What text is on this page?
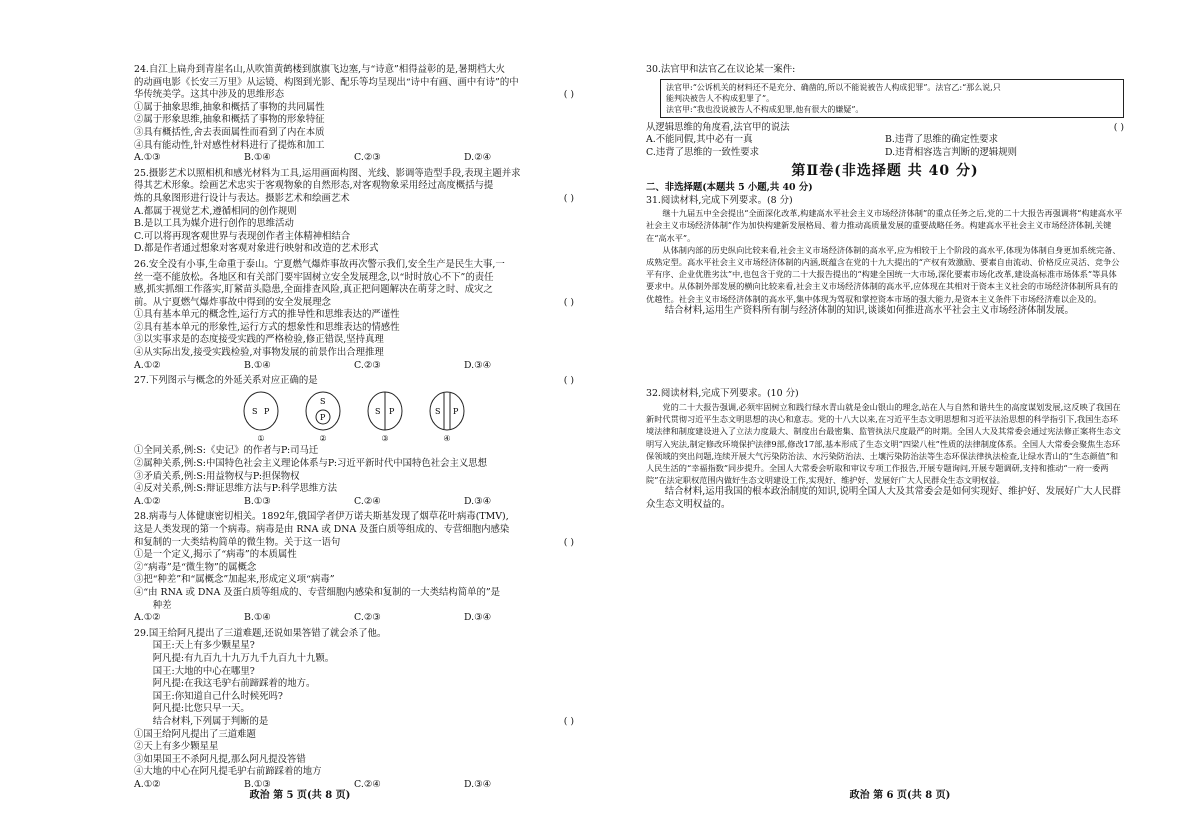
24.自江上扁舟到青崖名山,从吹笛黄鹤楼到旗旗飞边塞,与“诗意”相得益彰的是,暑期档大火
的动画电影《长安三万里》从运镜、构图到光影、配乐等均呈现出“诗中有画、画中有诗”的中
华传统美学。这其中涉及的思维形态	( )
①属于抽象思维,抽象和概括了事物的共同属性
②属于形象思维,抽象和概括了事物的形象特征
③具有概括性,舍去表面属性而看到了内在本质
④具有能动性,针对感性材料进行了提炼和加工
A.①③	B.①④	C.②③	D.②④
25.摄影艺术以照相机和感光材料为工具,运用画面构图、光线、影调等造型手段,表现主题并求
得其艺术形象。绘画艺术忠实于客观物象的自然形态,对客观物象采用经过高度概括与提
炼的具象图形进行设计与表达。摄影艺术和绘画艺术	( )
A.都属于视觉艺术,遵循相同的创作规则
B.是以工具为媒介进行创作的思维活动
C.可以将再现客观世界与表现创作者主体精神相结合
D.都是作者通过想象对客观对象进行映射和改造的艺术形式
26.安全没有小事,生命重于泰山。宁夏燃气爆炸事故再次警示我们,安全生产是民生大事,一
丝一毫不能放松。各地区和有关部门要牢固树立安全发展理念,以“时时放心不下”的责任
感,抓实抓细工作落实,盯紧苗头隐患,全面排查风险,真正把问题解决在萌芽之时、成灾之
前。从宁夏燃气爆炸事故中得到的安全发展理念	( )
①具有基本单元的概念性,运行方式的推导性和思维表达的严谨性
②具有基本单元的形象性,运行方式的想象性和思维表达的情感性
③以实事求是的态度接受实践的严格检验,修正错误,坚持真理
④从实际出发,接受实践检验,对事物发展的前景作出合理推理
A.①②	B.①④	C.②③	D.③④
27.下列图示与概念的外延关系对应正确的是	( )
S P
S
P
S P	S P
①	②	③	④
①全同关系,例:S:《史记》的作者与P:司马迁
②属种关系,例:S:中国特色社会主义理论体系与P:习近平新时代中国特色社会主义思想
③矛盾关系,例:S:用益物权与P:担保物权
④反对关系,例:S:辩证思维方法与P:科学思维方法
A.①②	B.①③	C.②④	D.③④
28.病毒与人体健康密切相关。1892年,俄国学者伊万诺夫斯基发现了烟草花叶病毒(TMV),
这是人类发现的第一个病毒。病毒是由 RNA 或 DNA 及蛋白质等组成的、专营细胞内感染
和复制的一大类结构简单的微生物。关于这一语句	( )
①是一个定义,揭示了“病毒”的本质属性
②“病毒”是“微生物”的属概念
③把“种差”和“属概念”加起来,形成定义项“病毒”
④“由 RNA 或 DNA 及蛋白质等组成的、专营细胞内感染和复制的一大类结构简单的”是
种差
A.①②	B.①④	C.②③	D.③④
29.国王给阿凡提出了三道难题,还说如果答错了就会杀了他。
国王:天上有多少颗星星?
阿凡提:有九百九十九万九千九百九十九颗。
国王:大地的中心在哪里?
阿凡提:在我这毛驴右前蹄踩着的地方。
国王:你知道自己什么时候死吗?
阿凡提:比您只早一天。
结合材料,下列属于判断的是	( )
①国王给阿凡提出了三道难题
②天上有多少颗星星
③如果国王不杀阿凡提,那么阿凡提没答错
④大地的中心在阿凡提毛驴右前蹄踩着的地方
A.①②	B.①③	C.②④	D.③④
政治 第 5 页(共 8 页)
30.法官甲和法官乙在议论某一案件:
法官甲:“公诉机关的材料还不是充分、确凿的,所以不能说被告人构成犯罪”。法官乙:“那么说,只
能判决被告人不构成犯罪了”。
法官甲:“我也没说被告人不构成犯罪,他有很大的嫌疑”。
从逻辑思维的角度看,法官甲的说法	( )
A.不能同假,其中必有一真	B.违背了思维的确定性要求
C.违背了思维的一致性要求	D.违背相容选言判断的逻辑规则
第Ⅱ卷(非选择题 共 40 分)
二、非选择题(本题共 5 小题,共 40 分)
31.阅读材料,完成下列要求。(8 分)
继十九届五中全会提出“全面深化改革,构建高水平社会主义市场经济体制”的重点任务之后,党的二十大报告再强调将“构建高水平社会主义市场经济体制”作为加快构建新发展格局、着力推动高质量发展的重要战略任务。构建高水平社会主义市场经济体制,关键在“高水平”。
从体制内部的历史纵向比较来看,社会主义市场经济体制的高水平,应为相较于上个阶段的高水平,体现为体制自身更加系统完备、成熟定型。高水平社会主义市场经济体制的内涵,既蕴含在党的十九大提出的“产权有效激励、要素自由流动、价格反应灵活、竞争公平有序、企业优胜劣汰”中,也包含于党的二十大报告提出的“构建全国统一大市场,深化要素市场化改革,建设高标准市场体系”等具体要求中。从体制外部发展的横向比较来看,社会主义市场经济体制的高水平,应体现在其相对于资本主义社会的市场经济体制所具有的优越性。社会主义市场经济体制的高水平,集中体现为驾驭和掌控资本市场的强大能力,是资本主义条件下市场经济难以企及的。
结合材料,运用生产资料所有制与经济体制的知识,谈谈如何推进高水平社会主义市场经济体制发展。
32.阅读材料,完成下列要求。(10 分)
党的二十大报告强调,必须牢固树立和践行绿水青山就是金山银山的理念,站在人与自然和谐共生的高度谋划发展,这反映了我国在新时代贯彻习近平生态文明思想的决心和意志。党的十八大以来,在习近平生态文明思想和习近平法治思想的科学指引下,我国生态环境法律和制度建设进入了立法力度最大、制度出台最密集、监管执法尺度最严的时期。全国人大及其常委会通过宪法修正案将生态文明写入宪法,制定修改环境保护法律9部,修改17部,基本形成了生态文明“四梁八柱”性质的法律制度体系。全国人大常委会聚焦生态环保领域的突出问题,连续开展大气污染防治法、水污染防治法、土壤污染防治法等生态环保法律执法检查,让绿水青山的“生态颜值”和人民生活的“幸福指数”同步提升。全国人大常委会听取和审议专项工作报告,开展专题询问,开展专题调研,支持和推动“一府一委两院”在法定职权范围内做好生态文明建设工作,实现好、维护好、发展好广大人民群众生态文明权益。
结合材料,运用我国的根本政治制度的知识,说明全国人大及其常委会是如何实现好、维护好、发展好广大人民群众生态文明权益的。
政治 第 6 页(共 8 页)
